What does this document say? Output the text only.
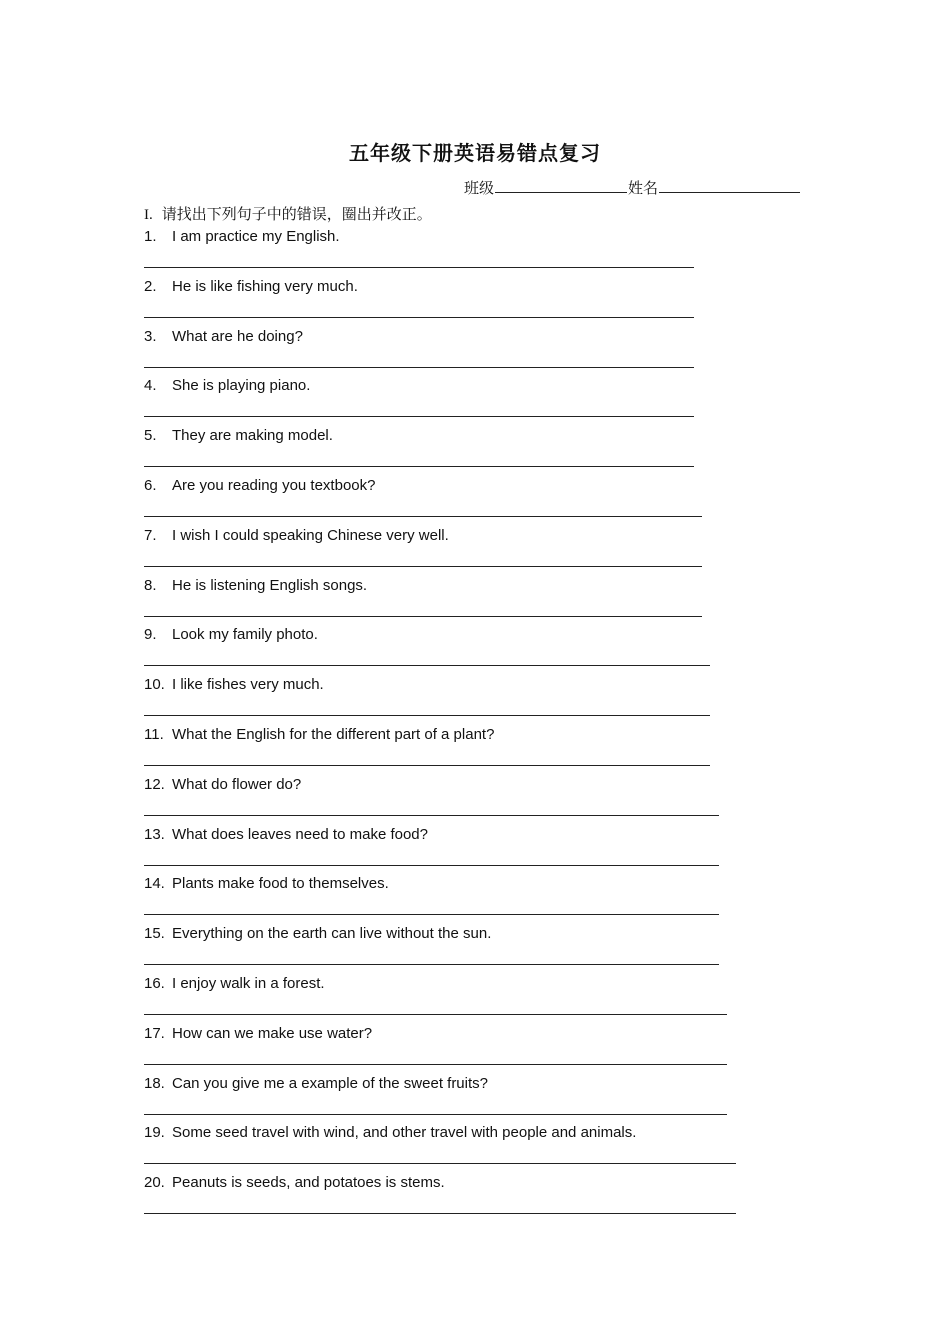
五年级下册英语易错点复习
班级	姓名
I. 请找出下列句子中的错误，圈出并改正。
1. I am practice my English.
2. He is like fishing very much.
3. What are he doing?
4. She is playing piano.
5. They are making model.
6. Are you reading you textbook?
7. I wish I could speaking Chinese very well.
8. He is listening English songs.
9. Look my family photo.
10. I like fishes very much.
11. What the English for the different part of a plant?
12. What do flower do?
13. What does leaves need to make food?
14. Plants make food to themselves.
15. Everything on the earth can live without the sun.
16. I enjoy walk in a forest.
17. How can we make use water?
18. Can you give me a example of the sweet fruits?
19. Some seed travel with wind, and other travel with people and animals.
20. Peanuts is seeds, and potatoes is stems.
